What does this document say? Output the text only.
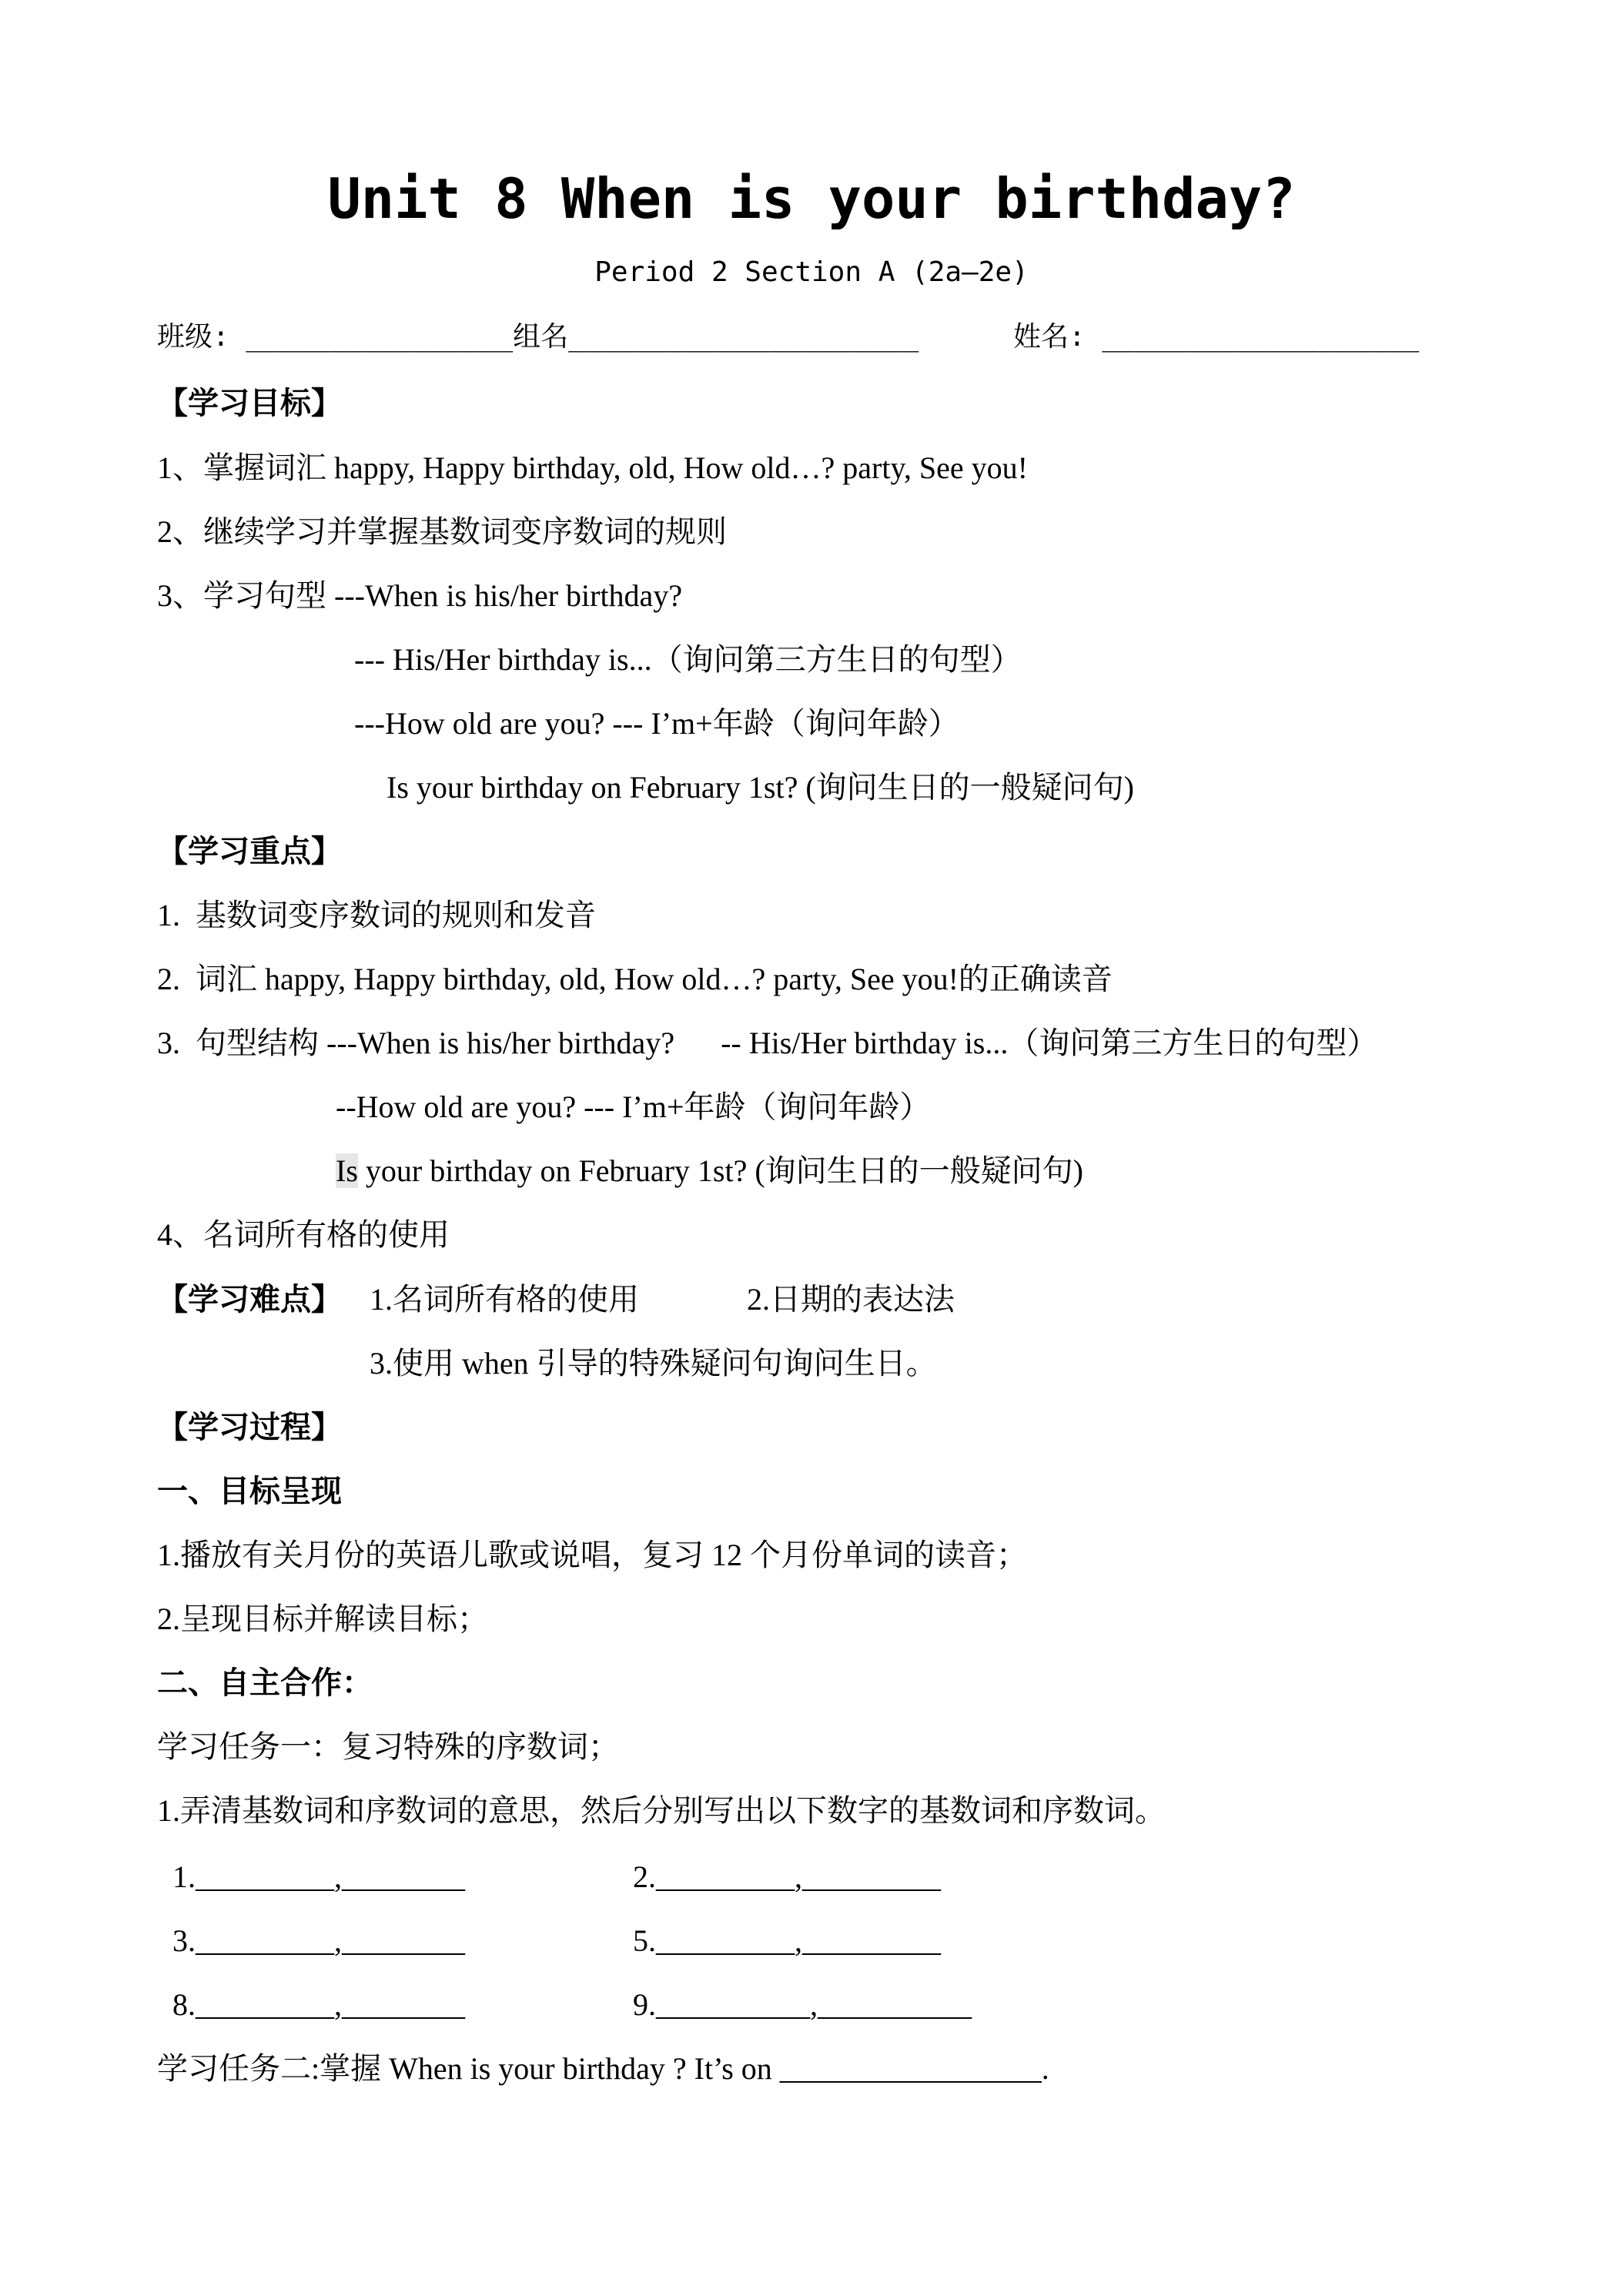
Unit 8 When is your birthday?
Period 2 Section A (2a—2e)
班级: ________________组名_____________________	姓名: ___________________
【学习目标】
1、掌握词汇 happy, Happy birthday, old, How old…? party, See you!
2、继续学习并掌握基数词变序数词的规则
3、学习句型 ---When is his/her birthday?
--- His/Her birthday is...（询问第三方生日的句型）
---How old are you? --- I’m+年龄（询问年龄）
Is your birthday on February 1st? (询问生日的一般疑问句)
【学习重点】
1.  基数词变序数词的规则和发音
2.  词汇 happy, Happy birthday, old, How old…? party, See you!的正确读音
3.  句型结构 ---When is his/her birthday?      -- His/Her birthday is...（询问第三方生日的句型）
--How old are you? --- I’m+年龄（询问年龄）
Is your birthday on February 1st? (询问生日的一般疑问句)
4、名词所有格的使用
【学习难点】 1.名词所有格的使用	2.日期的表达法
3.使用 when 引导的特殊疑问句询问生日。
【学习过程】
一、目标呈现
1.播放有关月份的英语儿歌或说唱，复习 12 个月份单词的读音；
2.呈现目标并解读目标；
二、自主合作：
学习任务一：复习特殊的序数词；
1.弄清基数词和序数词的意思，然后分别写出以下数字的基数词和序数词。
1._________,________	2._________,_________
3._________,________	5._________,_________
8._________,________	9.__________,__________
学习任务二:掌握 When is your birthday ? It’s on _________________.
